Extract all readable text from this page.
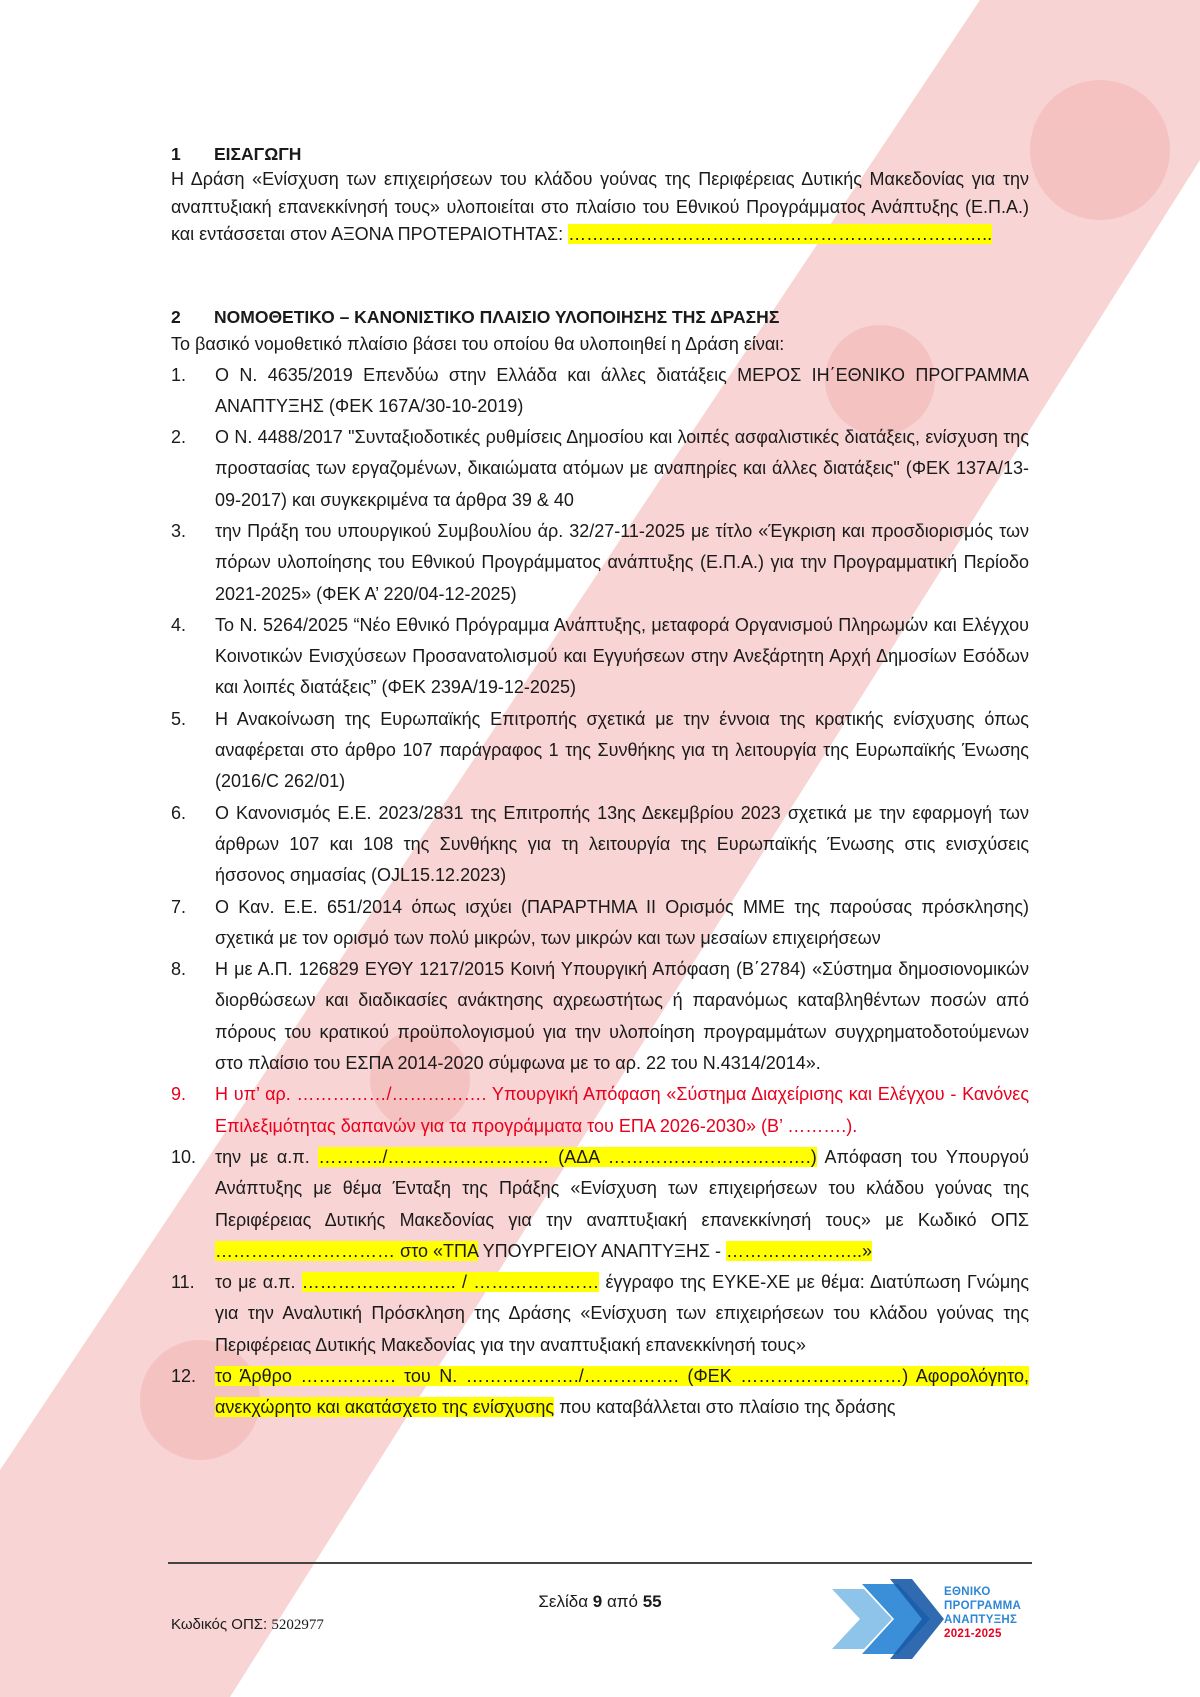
1	ΕΙΣΑΓΩΓΗ

Η Δράση «Ενίσχυση των επιχειρήσεων του κλάδου γούνας της Περιφέρειας Δυτικής Μακεδονίας για την αναπτυξιακή επανεκκίνησή τους» υλοποιείται στο πλαίσιο του Εθνικού Προγράμματος Ανάπτυξης (Ε.Π.Α.) και εντάσσεται στον ΑΞΟΝΑ ΠΡΟΤΕΡΑΙΟΤΗΤΑΣ: ……………………………………………………………..

2	ΝΟΜΟΘΕΤΙΚΟ – ΚΑΝΟΝΙΣΤΙΚΟ ΠΛΑΙΣΙΟ ΥΛΟΠΟΙΗΣΗΣ ΤΗΣ ΔΡΑΣΗΣ

Το βασικό νομοθετικό πλαίσιο βάσει του οποίου θα υλοποιηθεί η Δράση είναι:

1. Ο Ν. 4635/2019 Επενδύω στην Ελλάδα και άλλες διατάξεις ΜΕΡΟΣ ΙΗ΄ΕΘΝΙΚΟ ΠΡΟΓΡΑΜΜΑ ΑΝΑΠΤΥΞΗΣ (ΦΕΚ 167Α/30-10-2019)
2. Ο Ν. 4488/2017 "Συνταξιοδοτικές ρυθμίσεις Δημοσίου και λοιπές ασφαλιστικές διατάξεις, ενίσχυση της προστασίας των εργαζομένων, δικαιώματα ατόμων με αναπηρίες και άλλες διατάξεις" (ΦΕΚ 137Α/13-09-2017) και συγκεκριμένα τα άρθρα 39 & 40
3. την Πράξη του υπουργικού Συμβουλίου άρ. 32/27-11-2025 με τίτλο «Έγκριση και προσδιορισμός των πόρων υλοποίησης του Εθνικού Προγράμματος ανάπτυξης (Ε.Π.Α.) για την Προγραμματική Περίοδο 2021-2025» (ΦΕΚ Α’ 220/04-12-2025)
4. Το Ν. 5264/2025 “Νέο Εθνικό Πρόγραμμα Ανάπτυξης, μεταφορά Οργανισμού Πληρωμών και Ελέγχου Κοινοτικών Ενισχύσεων Προσανατολισμού και Εγγυήσεων στην Ανεξάρτητη Αρχή Δημοσίων Εσόδων και λοιπές διατάξεις” (ΦΕΚ 239Α/19-12-2025)
5. Η Ανακοίνωση της Ευρωπαϊκής Επιτροπής σχετικά με την έννοια της κρατικής ενίσχυσης όπως αναφέρεται στο άρθρο 107 παράγραφος 1 της Συνθήκης για τη λειτουργία της Ευρωπαϊκής Ένωσης (2016/C 262/01)
6. Ο Κανονισμός Ε.Ε. 2023/2831 της Επιτροπής 13ης Δεκεμβρίου 2023 σχετικά με την εφαρμογή των άρθρων 107 και 108 της Συνθήκης για τη λειτουργία της Ευρωπαϊκής Ένωσης στις ενισχύσεις ήσσονος σημασίας (OJL15.12.2023)
7. Ο Καν. Ε.Ε. 651/2014 όπως ισχύει (ΠΑΡΑΡΤΗΜΑ ΙΙ Ορισμός ΜΜΕ της παρούσας πρόσκλησης) σχετικά με τον ορισμό των πολύ μικρών, των μικρών και των μεσαίων επιχειρήσεων
8. Η με Α.Π. 126829 ΕΥΘΥ 1217/2015 Κοινή Υπουργική Απόφαση (Β΄2784) «Σύστημα δημοσιονομικών διορθώσεων και διαδικασίες ανάκτησης αχρεωστήτως ή παρανόμως καταβληθέντων ποσών από πόρους του κρατικού προϋπολογισμού για την υλοποίηση προγραμμάτων συγχρηματοδοτούμενων στο πλαίσιο του ΕΣΠΑ 2014-2020 σύμφωνα με το αρ. 22 του Ν.4314/2014».
9. Η υπ’ αρ. ……………/……………. Υπουργική Απόφαση «Σύστημα Διαχείρισης και Ελέγχου - Κανόνες Επιλεξιμότητας δαπανών για τα προγράμματα του ΕΠΑ 2026-2030» (Β’ ……….).
10. την με α.π. ………../……………………… (ΑΔΑ …………………………….) Απόφαση του Υπουργού Ανάπτυξης με θέμα Ένταξη της Πράξης «Ενίσχυση των επιχειρήσεων του κλάδου γούνας της Περιφέρειας Δυτικής Μακεδονίας για την αναπτυξιακή επανεκκίνησή τους» με Κωδικό ΟΠΣ ………………………… στο «ΤΠΑ ΥΠΟΥΡΓΕΙΟΥ ΑΝΑΠΤΥΞΗΣ - …………………..»
11. το με α.π. …………………….. / ………………… έγγραφο της ΕΥΚΕ-ΧΕ με θέμα: Διατύπωση Γνώμης για την Αναλυτική Πρόσκληση της Δράσης «Ενίσχυση των επιχειρήσεων του κλάδου γούνας της Περιφέρειας Δυτικής Μακεδονίας για την αναπτυξιακή επανεκκίνησή τους»
12. το Άρθρο ……………. του Ν. ………………./……………. (ΦΕΚ ………………………) Αφορολόγητο, ανεκχώρητο και ακατάσχετο της ενίσχυσης που καταβάλλεται στο πλαίσιο της δράσης
Σελίδα 9 από 55
Κωδικός ΟΠΣ: 5202977
ΕΘΝΙΚΟ
ΠΡΟΓΡΑΜΜΑ
ΑΝΑΠΤΥΞΗΣ
2021-2025
